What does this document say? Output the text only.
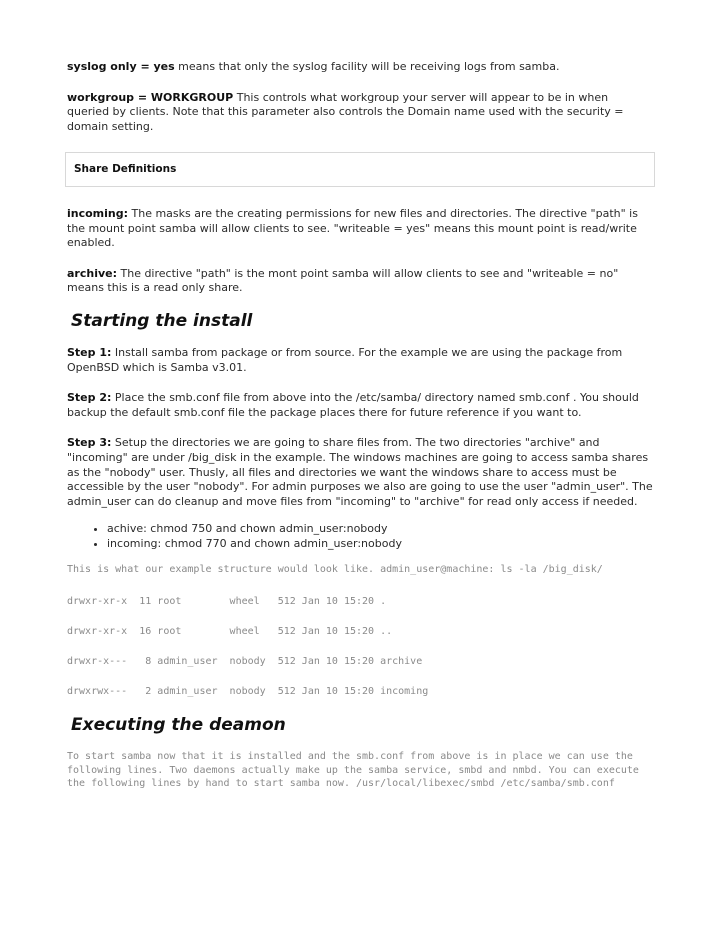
syslog only = yes means that only the syslog facility will be receiving logs from samba.

workgroup = WORKGROUP This controls what workgroup your server will appear to be in when queried by clients. Note that this parameter also controls the Domain name used with the security = domain setting.

Share Definitions

incoming: The masks are the creating permissions for new files and directories. The directive "path" is the mount point samba will allow clients to see. "writeable = yes" means this mount point is read/write enabled.

archive: The directive "path" is the mont point samba will allow clients to see and "writeable = no" means this is a read only share.

Starting the install

Step 1: Install samba from package or from source. For the example we are using the package from OpenBSD which is Samba v3.01.

Step 2: Place the smb.conf file from above into the /etc/samba/ directory named smb.conf . You should backup the default smb.conf file the package places there for future reference if you want to.

Step 3: Setup the directories we are going to share files from. The two directories "archive" and "incoming" are under /big_disk in the example. The windows machines are going to access samba shares as the "nobody" user. Thusly, all files and directories we want the windows share to access must be accessible by the user "nobody". For admin purposes we also are going to use the user "admin_user". The admin_user can do cleanup and move files from "incoming" to "archive" for read only access if needed.

• achive: chmod 750 and chown admin_user:nobody
• incoming: chmod 770 and chown admin_user:nobody

This is what our example structure would look like. admin_user@machine: ls -la /big_disk/

drwxr-xr-x  11 root        wheel   512 Jan 10 15:20 .

drwxr-xr-x  16 root        wheel   512 Jan 10 15:20 ..

drwxr-x---   8 admin_user  nobody  512 Jan 10 15:20 archive

drwxrwx---   2 admin_user  nobody  512 Jan 10 15:20 incoming

Executing the deamon

To start samba now that it is installed and the smb.conf from above is in place we can use the following lines. Two daemons actually make up the samba service, smbd and nmbd. You can execute the following lines by hand to start samba now. /usr/local/libexec/smbd /etc/samba/smb.conf
